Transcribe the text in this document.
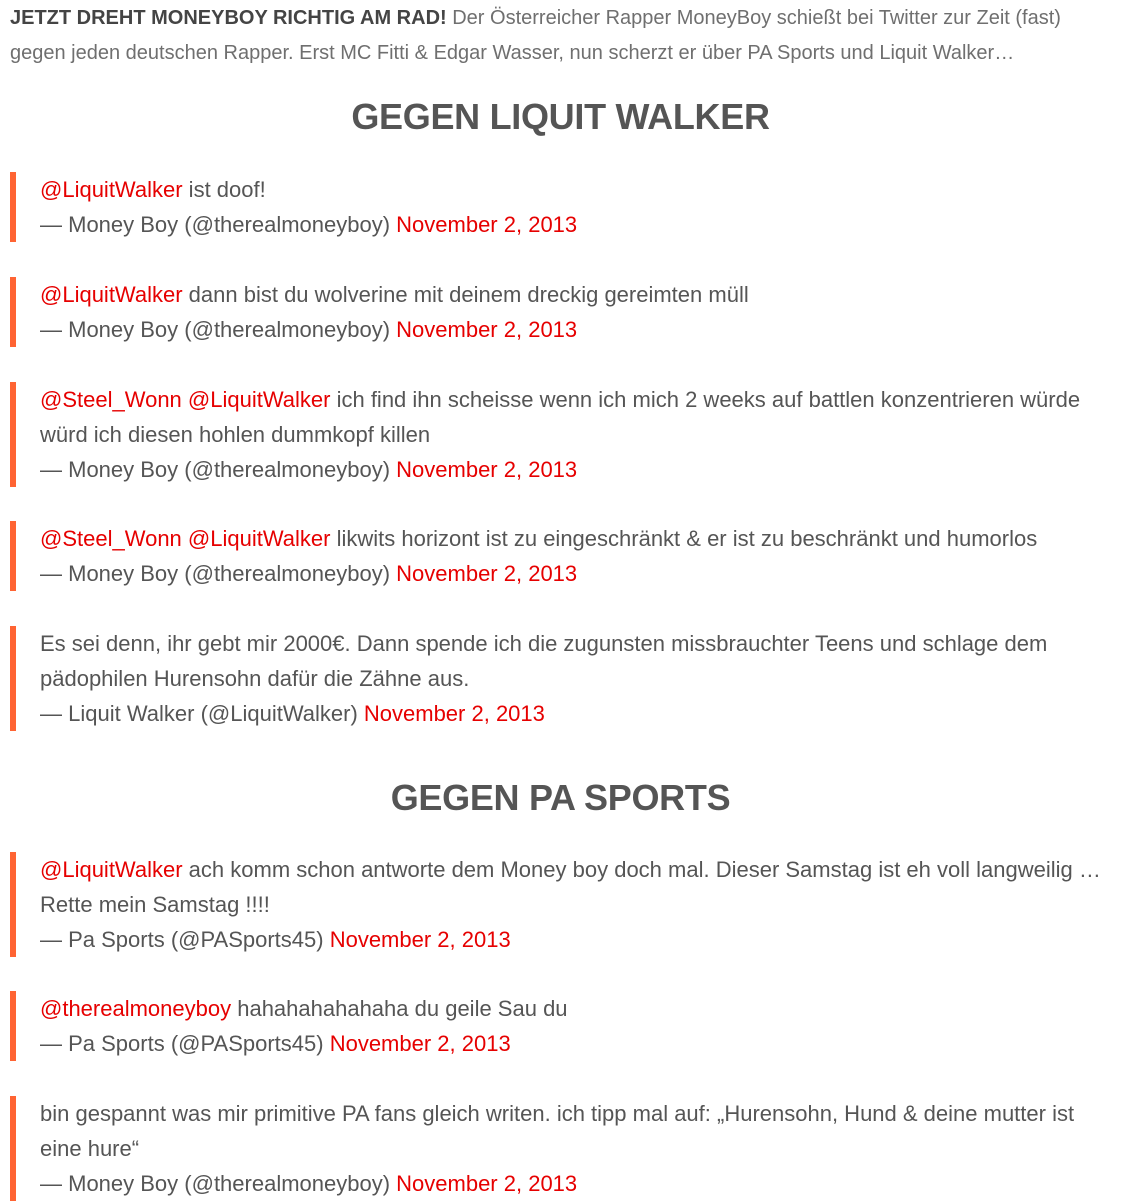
JETZT DREHT MONEYBOY RICHTIG AM RAD! Der Österreicher Rapper MoneyBoy schießt bei Twitter zur Zeit (fast) gegen jeden deutschen Rapper. Erst MC Fitti & Edgar Wasser, nun scherzt er über PA Sports und Liquit Walker…

GEGEN LIQUIT WALKER
@LiquitWalker ist doof!
— Money Boy (@therealmoneyboy) November 2, 2013
@LiquitWalker dann bist du wolverine mit deinem dreckig gereimten müll
— Money Boy (@therealmoneyboy) November 2, 2013
@Steel_Wonn @LiquitWalker ich find ihn scheisse wenn ich mich 2 weeks auf battlen konzentrieren würde würd ich diesen hohlen dummkopf killen
— Money Boy (@therealmoneyboy) November 2, 2013
@Steel_Wonn @LiquitWalker likwits horizont ist zu eingeschränkt & er ist zu beschränkt und humorlos
— Money Boy (@therealmoneyboy) November 2, 2013
Es sei denn, ihr gebt mir 2000€. Dann spende ich die zugunsten missbrauchter Teens und schlage dem pädophilen Hurensohn dafür die Zähne aus.
— Liquit Walker (@LiquitWalker) November 2, 2013
GEGEN PA SPORTS
@LiquitWalker ach komm schon antworte dem Money boy doch mal. Dieser Samstag ist eh voll langweilig … Rette mein Samstag !!!!
— Pa Sports (@PASports45) November 2, 2013
@therealmoneyboy hahahahahahaha du geile Sau du
— Pa Sports (@PASports45) November 2, 2013
bin gespannt was mir primitive PA fans gleich writen. ich tipp mal auf: „Hurensohn, Hund & deine mutter ist eine hure“
— Money Boy (@therealmoneyboy) November 2, 2013
